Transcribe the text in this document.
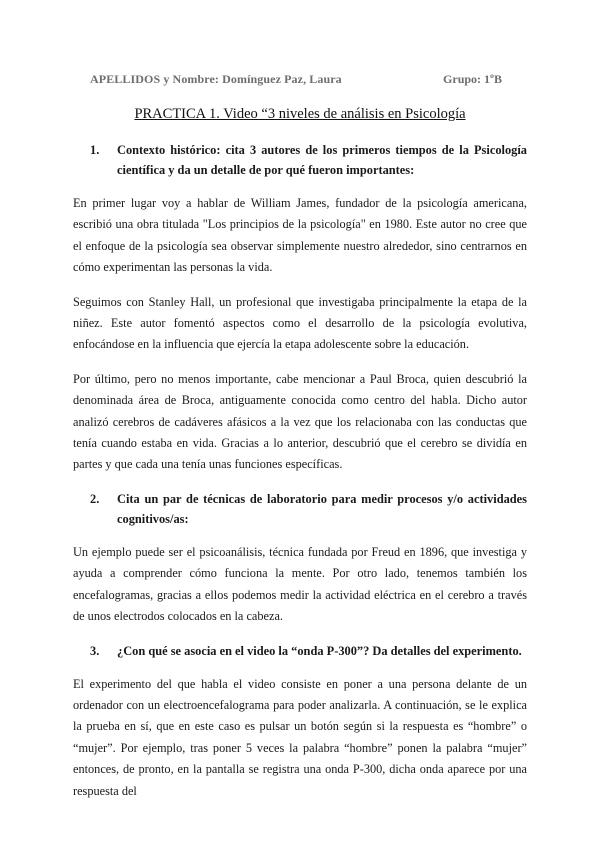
APELLIDOS y Nombre: Domínguez Paz, Laura	Grupo: 1ºB
PRACTICA 1. Video “3 niveles de análisis en Psicología
1.	Contexto histórico: cita 3 autores de los primeros tiempos de la Psicología científica y da un detalle de por qué fueron importantes:

En primer lugar voy a hablar de William James, fundador de la psicología americana, escribió una obra titulada "Los principios de la psicología" en 1980. Este autor no cree que el enfoque de la psicología sea observar simplemente nuestro alrededor, sino centrarnos en cómo experimentan las personas la vida.

Seguimos con Stanley Hall, un profesional que investigaba principalmente la etapa de la niñez. Este autor fomentó aspectos como el desarrollo de la psicología evolutiva, enfocándose en la influencia que ejercía la etapa adolescente sobre la educación.

Por último, pero no menos importante, cabe mencionar a Paul Broca, quien descubrió la denominada área de Broca, antiguamente conocida como centro del habla. Dicho autor analizó cerebros de cadáveres afásicos a la vez que los relacionaba con las conductas que tenía cuando estaba en vida. Gracias a lo anterior, descubrió que el cerebro se dividía en partes y que cada una tenía unas funciones específicas.

2.	Cita un par de técnicas de laboratorio para medir procesos y/o actividades cognitivos/as:

Un ejemplo puede ser el psicoanálisis, técnica fundada por Freud en 1896, que investiga y ayuda a comprender cómo funciona la mente. Por otro lado, tenemos también los encefalogramas, gracias a ellos podemos medir la actividad eléctrica en el cerebro a través de unos electrodos colocados en la cabeza.

3.	¿Con qué se asocia en el video la “onda P-300”? Da detalles del experimento.

El experimento del que habla el video consiste en poner a una persona delante de un ordenador con un electroencefalograma para poder analizarla. A continuación, se le explica la prueba en sí, que en este caso es pulsar un botón según si la respuesta es “hombre” o “mujer”. Por ejemplo, tras poner 5 veces la palabra “hombre” ponen la palabra “mujer” entonces, de pronto, en la pantalla se registra una onda P-300, dicha onda aparece por una respuesta del
